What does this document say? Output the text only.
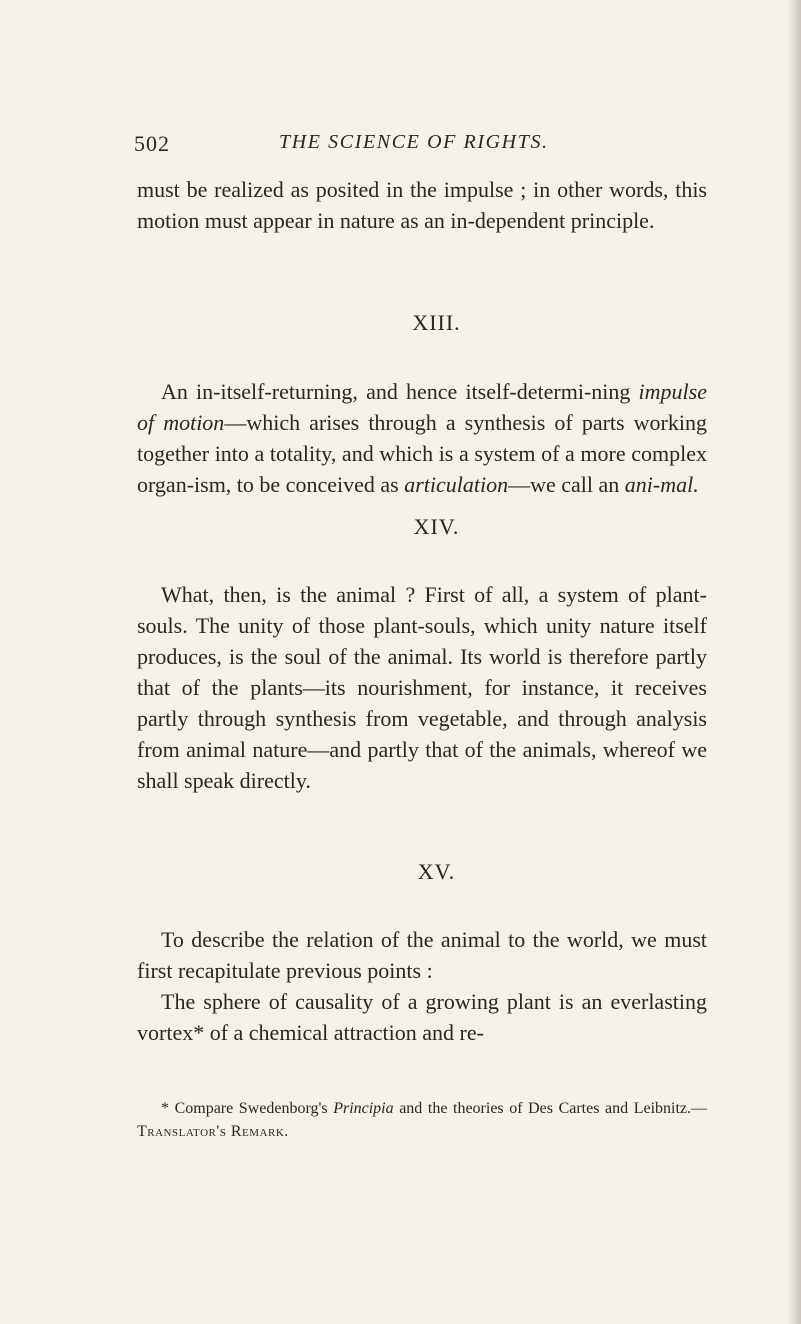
502	THE SCIENCE OF RIGHTS.

must be realized as posited in the impulse ; in other words, this motion must appear in nature as an in-dependent principle.

XIII.

An in-itself-returning, and hence itself-determi-ning impulse of motion—which arises through a synthesis of parts working together into a totality, and which is a system of a more complex organ-ism, to be conceived as articulation—we call an ani-mal.

XIV.

What, then, is the animal ? First of all, a system of plant-souls. The unity of those plant-souls, which unity nature itself produces, is the soul of the animal. Its world is therefore partly that of the plants—its nourishment, for instance, it receives partly through synthesis from vegetable, and through analysis from animal nature—and partly that of the animals, whereof we shall speak directly.

XV.

To describe the relation of the animal to the world, we must first recapitulate previous points :

The sphere of causality of a growing plant is an everlasting vortex* of a chemical attraction and re-

* Compare Swedenborg's Principia and the theories of Des Cartes and Leibnitz.—Translator's Remark.
